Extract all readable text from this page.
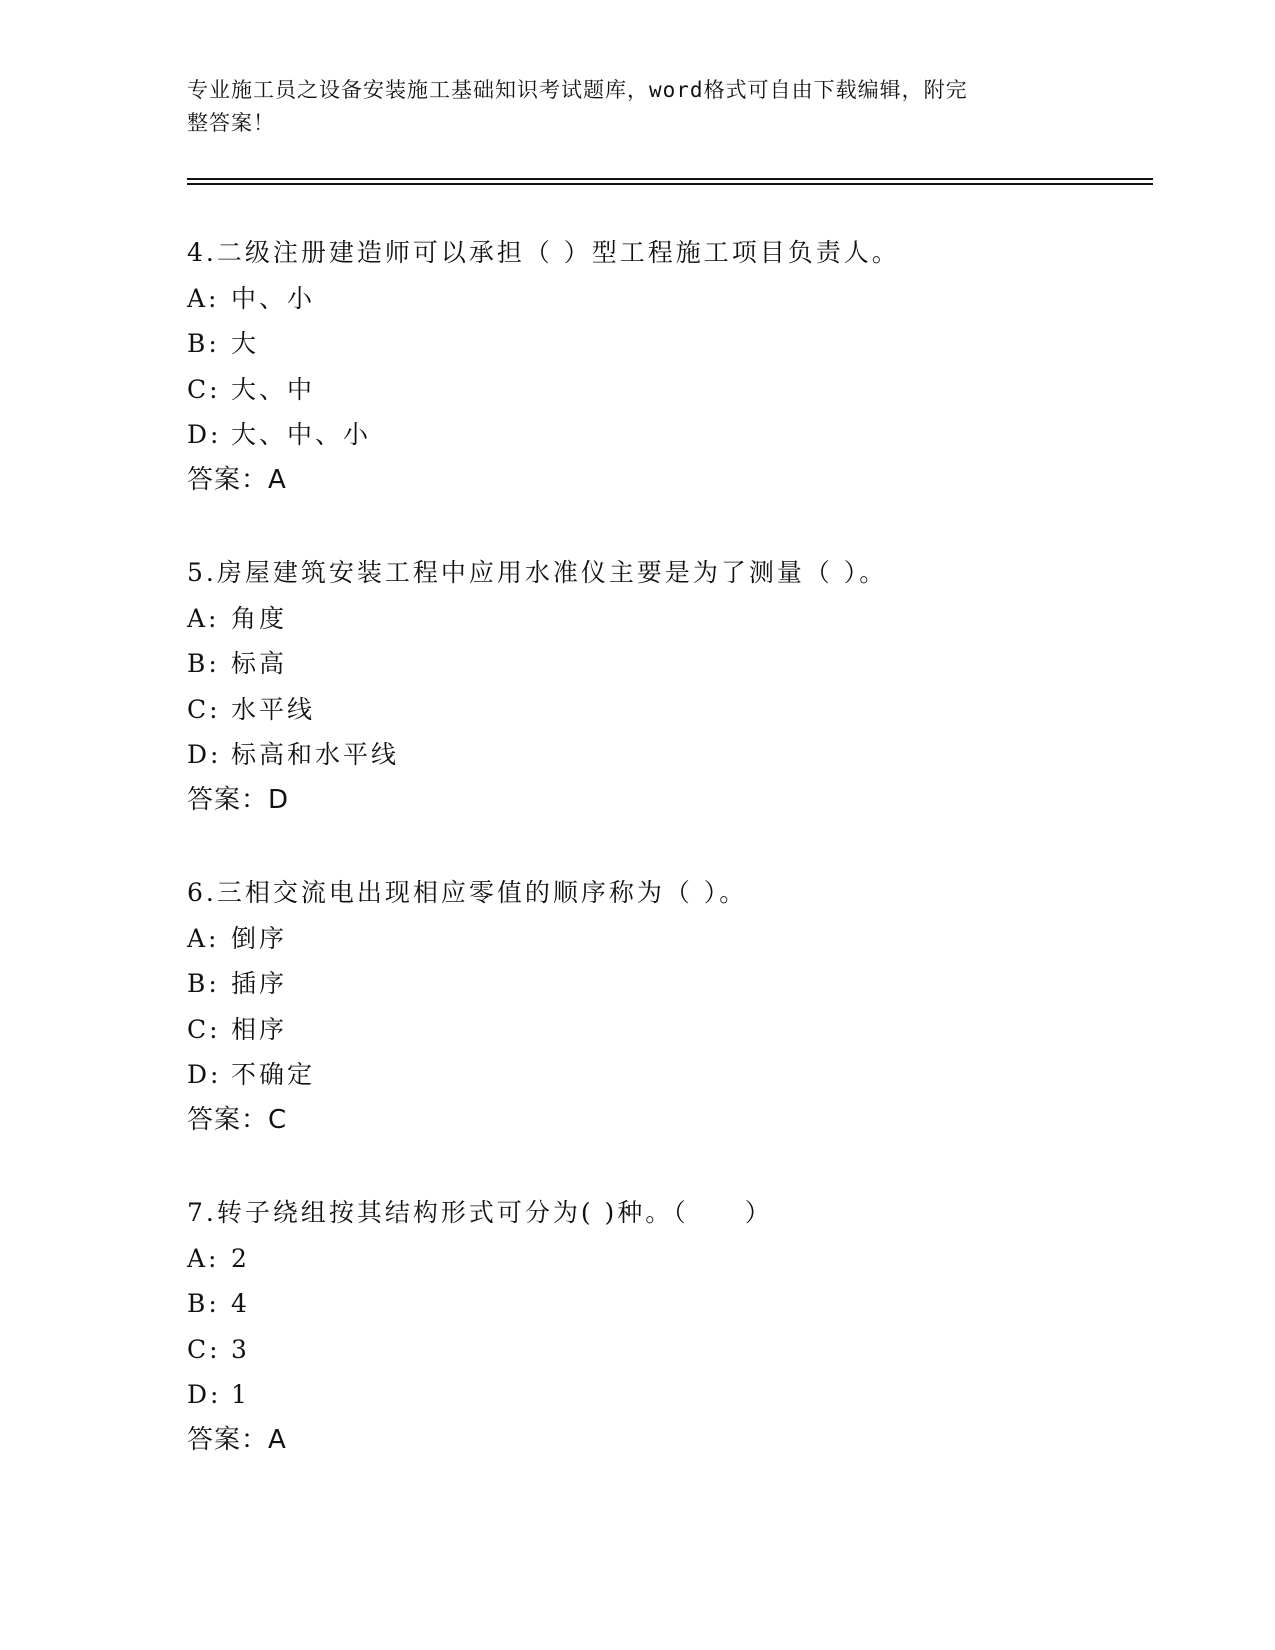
专业施工员之设备安装施工基础知识考试题库，word格式可自由下载编辑，附完
整答案！
4.二级注册建造师可以承担（ ）型工程施工项目负责人。
A: 中、小
B: 大
C: 大、中
D: 大、中、小
答案：A
5.房屋建筑安装工程中应用水准仪主要是为了测量（ ）。
A: 角度
B: 标高
C: 水平线
D: 标高和水平线
答案：D
6.三相交流电出现相应零值的顺序称为（ ）。
A: 倒序
B: 插序
C: 相序
D: 不确定
答案：C
7.转子绕组按其结构形式可分为( )种。（　　）
A: 2
B: 4
C: 3
D: 1
答案：A
